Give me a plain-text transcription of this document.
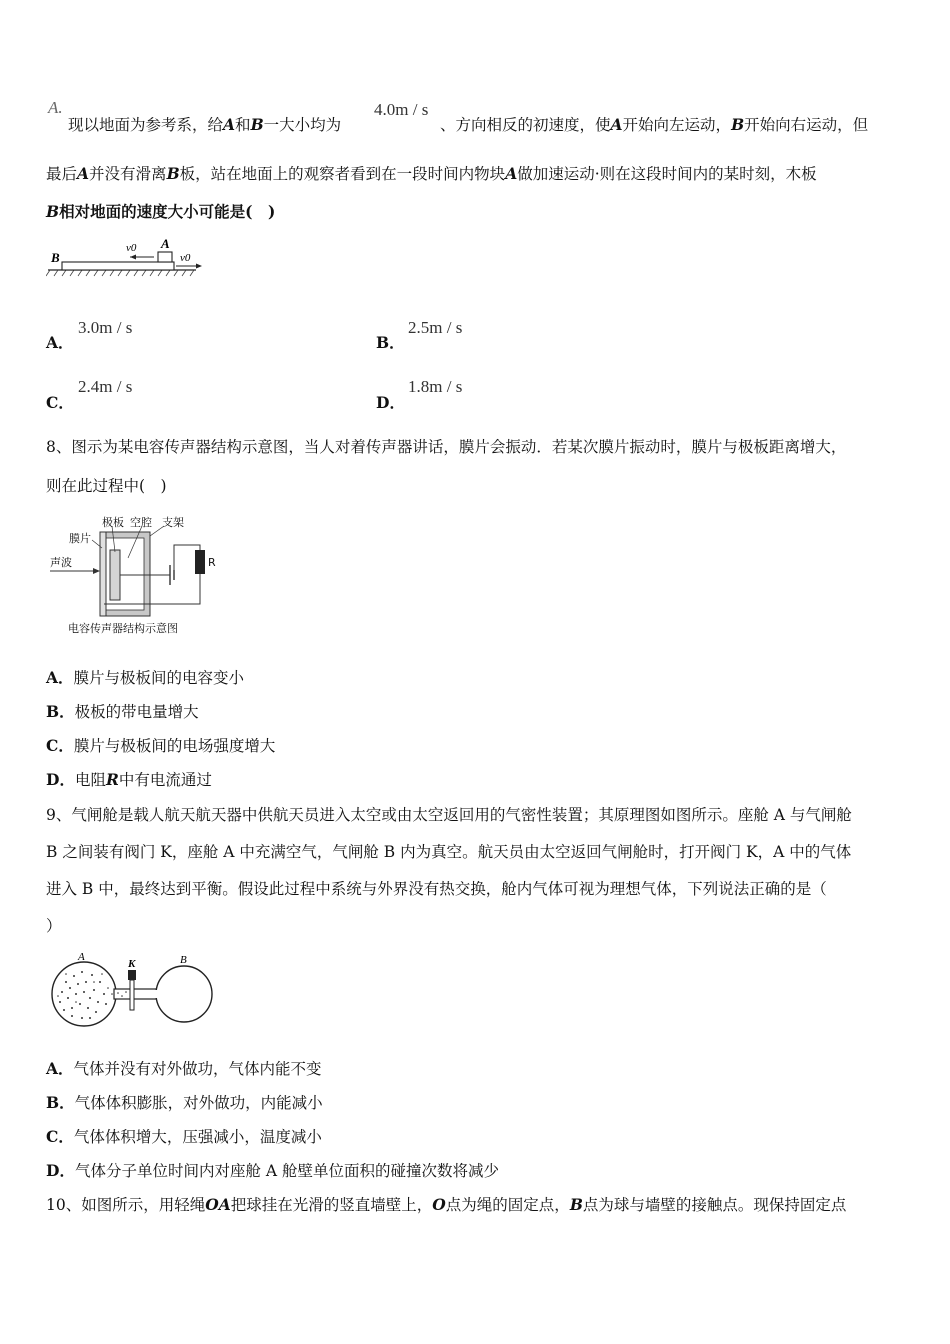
A.	4.0m / s
现以地面为参考系，给A和B一大小均为	、方向相反的初速度，使A开始向左运动，B开始向右运动，但
最后A并没有滑离B板，站在地面上的观察者看到在一段时间内物块A做加速运动·则在这段时间内的某时刻，木板
B相对地面的速度大小可能是(　)
B
A
v0
v0
A．
3.0m / s
B．
2.5m / s
C．
2.4m / s
D．
1.8m / s
8、图示为某电容传声器结构示意图，当人对着传声器讲话，膜片会振动．若某次膜片振动时，膜片与极板距离增大，
则在此过程中(　)
膜片
极板 空腔 支架
声波	R
电容传声器结构示意图
A．膜片与极板间的电容变小
B．极板的带电量增大
C．膜片与极板间的电场强度增大
D．电阻R中有电流通过
9、气闸舱是载人航天航天器中供航天员进入太空或由太空返回用的气密性装置；其原理图如图所示。座舱 A 与气闸舱
B 之间装有阀门 K，座舱 A 中充满空气，气闸舱 B 内为真空。航天员由太空返回气闸舱时，打开阀门 K，A 中的气体
进入 B 中，最终达到平衡。假设此过程中系统与外界没有热交换，舱内气体可视为理想气体，下列说法正确的是（
）
A
K	B
A．气体并没有对外做功，气体内能不变
B．气体体积膨胀，对外做功，内能减小
C．气体体积增大，压强减小，温度减小
D．气体分子单位时间内对座舱 A 舱壁单位面积的碰撞次数将减少
10、如图所示，用轻绳OA把球挂在光滑的竖直墙壁上，O点为绳的固定点，B点为球与墙壁的接触点。现保持固定点
